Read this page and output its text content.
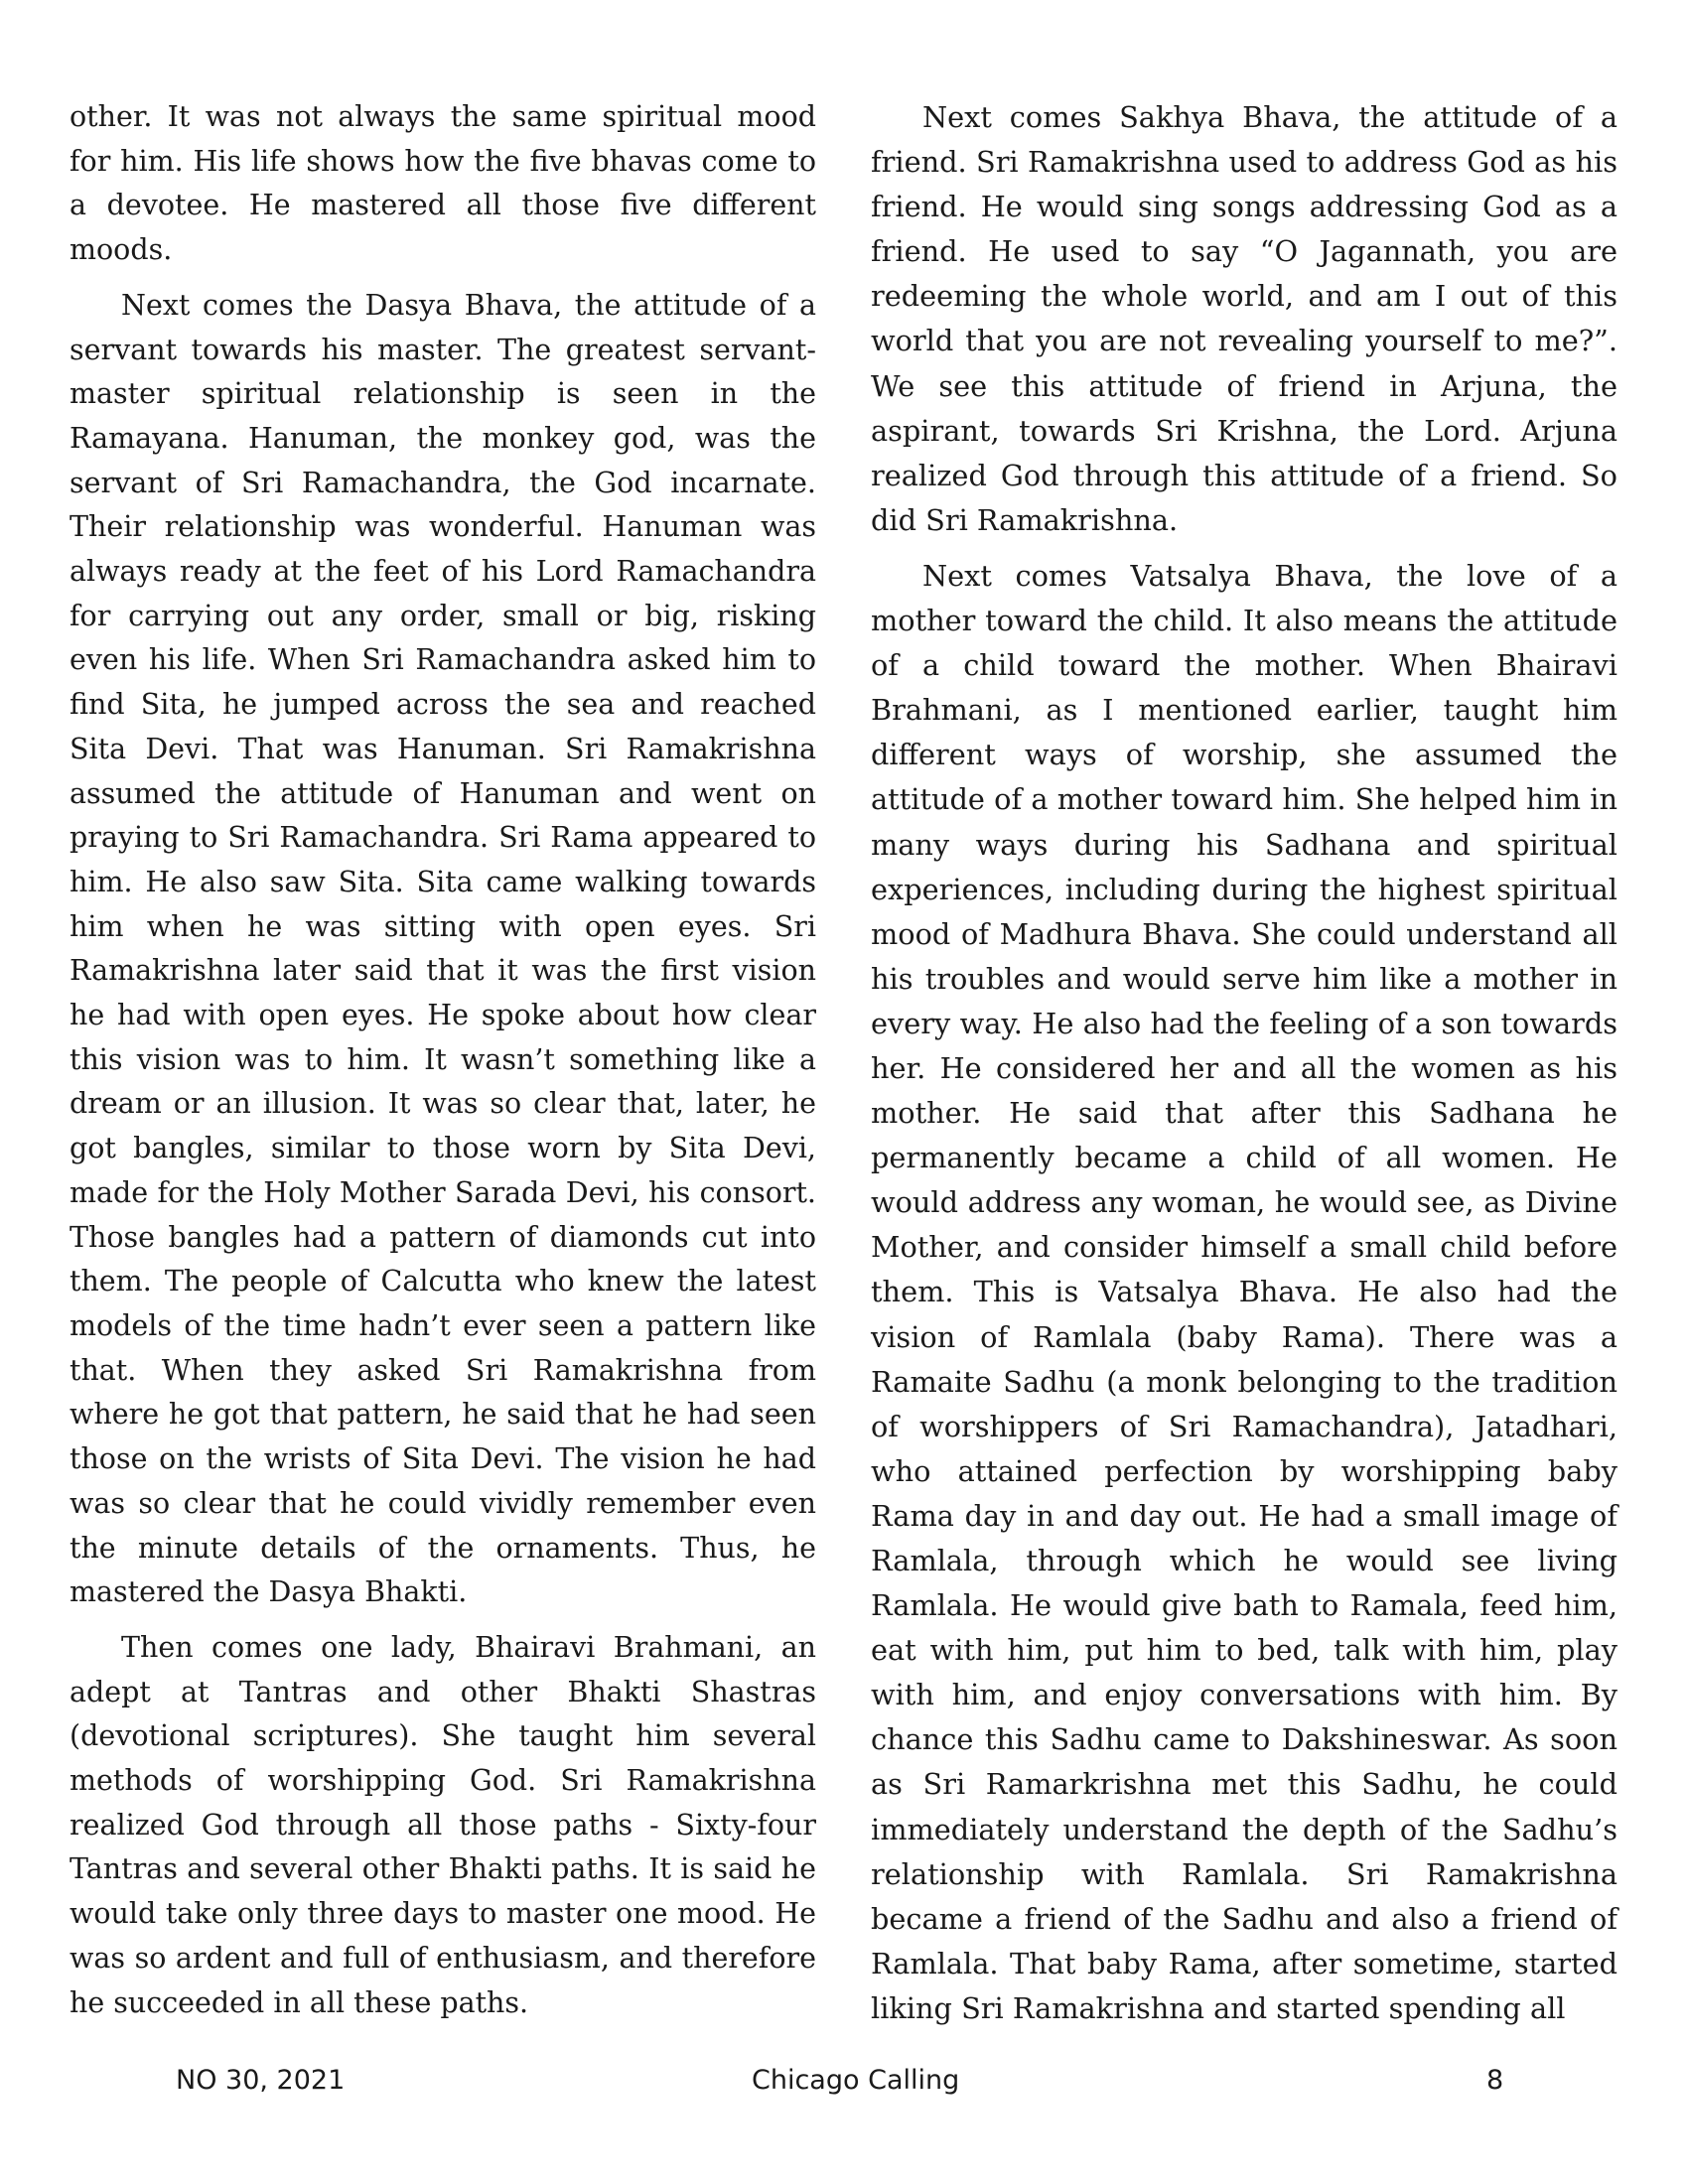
other. It was not always the same spiritual mood for him. His life shows how the five bhavas come to a devotee. He mastered all those five different moods.

Next comes the Dasya Bhava, the attitude of a servant towards his master. The greatest servant-master spiritual relationship is seen in the Ramayana. Hanuman, the monkey god, was the servant of Sri Ramachandra, the God incarnate. Their relationship was wonderful. Hanuman was always ready at the feet of his Lord Ramachandra for carrying out any order, small or big, risking even his life. When Sri Ramachandra asked him to find Sita, he jumped across the sea and reached Sita Devi. That was Hanuman. Sri Ramakrishna assumed the attitude of Hanuman and went on praying to Sri Ramachandra. Sri Rama appeared to him. He also saw Sita. Sita came walking towards him when he was sitting with open eyes. Sri Ramakrishna later said that it was the first vision he had with open eyes. He spoke about how clear this vision was to him. It wasn’t something like a dream or an illusion. It was so clear that, later, he got bangles, similar to those worn by Sita Devi, made for the Holy Mother Sarada Devi, his consort. Those bangles had a pattern of diamonds cut into them. The people of Calcutta who knew the latest models of the time hadn’t ever seen a pattern like that. When they asked Sri Ramakrishna from where he got that pattern, he said that he had seen those on the wrists of Sita Devi. The vision he had was so clear that he could vividly remember even the minute details of the ornaments. Thus, he mastered the Dasya Bhakti.

Then comes one lady, Bhairavi Brahmani, an adept at Tantras and other Bhakti Shastras (devotional scriptures). She taught him several methods of worshipping God. Sri Ramakrishna realized God through all those paths - Sixty-four Tantras and several other Bhakti paths. It is said he would take only three days to master one mood. He was so ardent and full of enthusiasm, and therefore he succeeded in all these paths.

Next comes Sakhya Bhava, the attitude of a friend. Sri Ramakrishna used to address God as his friend. He would sing songs addressing God as a friend. He used to say “O Jagannath, you are redeeming the whole world, and am I out of this world that you are not revealing yourself to me?”. We see this attitude of friend in Arjuna, the aspirant, towards Sri Krishna, the Lord. Arjuna realized God through this attitude of a friend. So did Sri Ramakrishna.

Next comes Vatsalya Bhava, the love of a mother toward the child. It also means the attitude of a child toward the mother. When Bhairavi Brahmani, as I mentioned earlier, taught him different ways of worship, she assumed the attitude of a mother toward him. She helped him in many ways during his Sadhana and spiritual experiences, including during the highest spiritual mood of Madhura Bhava. She could understand all his troubles and would serve him like a mother in every way. He also had the feeling of a son towards her. He considered her and all the women as his mother. He said that after this Sadhana he permanently became a child of all women. He would address any woman, he would see, as Divine Mother, and consider himself a small child before them. This is Vatsalya Bhava. He also had the vision of Ramlala (baby Rama). There was a Ramaite Sadhu (a monk belonging to the tradition of worshippers of Sri Ramachandra), Jatadhari, who attained perfection by worshipping baby Rama day in and day out. He had a small image of Ramlala, through which he would see living Ramlala. He would give bath to Ramala, feed him, eat with him, put him to bed, talk with him, play with him, and enjoy conversations with him. By chance this Sadhu came to Dakshineswar. As soon as Sri Ramarkrishna met this Sadhu, he could immediately understand the depth of the Sadhu’s relationship with Ramlala. Sri Ramakrishna became a friend of the Sadhu and also a friend of Ramlala. That baby Rama, after sometime, started liking Sri Ramakrishna and started spending all

NO 30, 2021	Chicago Calling	8
